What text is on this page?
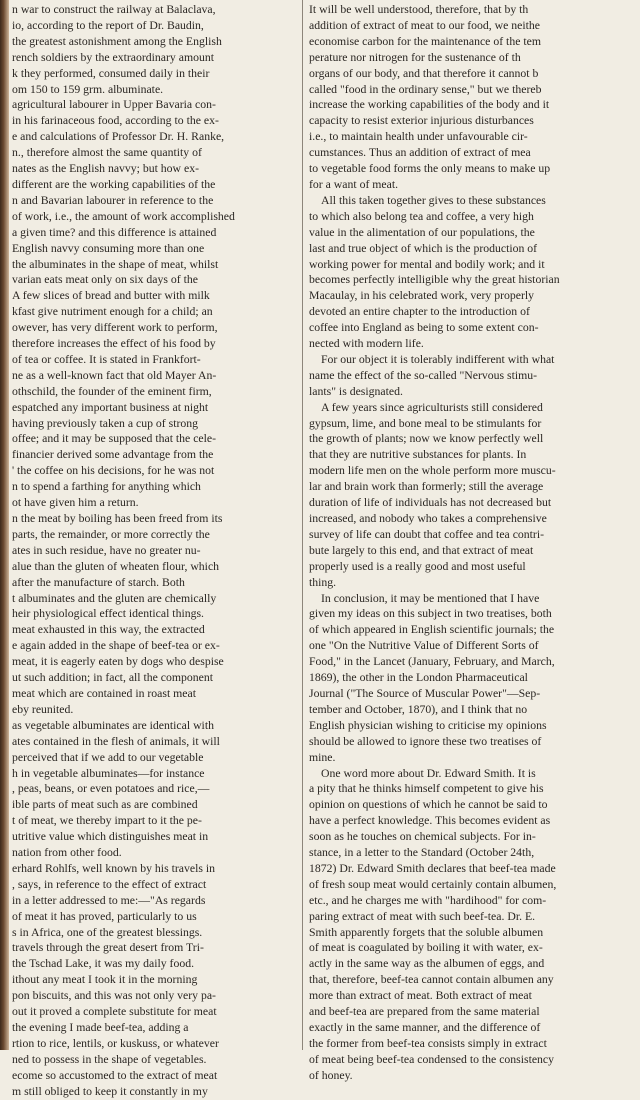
n war to construct the railway at Balaclava,
io, according to the report of Dr. Baudin,
the greatest astonishment among the English
rench soldiers by the extraordinary amount
k they performed, consumed daily in their
om 150 to 159 grm. albuminate.
agricultural labourer in Upper Bavaria con-
in his farinaceous food, according to the ex-
e and calculations of Professor Dr. H. Ranke,
n., therefore almost the same quantity of
nates as the English navvy; but how ex-
different are the working capabilities of the
n and Bavarian labourer in reference to the
of work, i.e., the amount of work accomplished
a given time? and this difference is attained
English navvy consuming more than one
the albuminates in the shape of meat, whilst
varian eats meat only on six days of the
A few slices of bread and butter with milk
kfast give nutriment enough for a child; an
owever, has very different work to perform,
therefore increases the effect of his food by
of tea or coffee. It is stated in Frankfort-
ne as a well-known fact that old Mayer An-
othschild, the founder of the eminent firm,
espatched any important business at night
having previously taken a cup of strong
offee; and it may be supposed that the cele-
financier derived some advantage from the
' the coffee on his decisions, for he was not
n to spend a farthing for anything which
ot have given him a return.
n the meat by boiling has been freed from its
parts, the remainder, or more correctly the
ates in such residue, have no greater nu-
alue than the gluten of wheaten flour, which
after the manufacture of starch. Both
t albuminates and the gluten are chemically
heir physiological effect identical things.
meat exhausted in this way, the extracted
e again added in the shape of beef-tea or ex-
meat, it is eagerly eaten by dogs who despise
ut such addition; in fact, all the component
meat which are contained in roast meat
eby reunited.
as vegetable albuminates are identical with
ates contained in the flesh of animals, it will
perceived that if we add to our vegetable
h in vegetable albuminates—for instance
, peas, beans, or even potatoes and rice,—
ible parts of meat such as are combined
t of meat, we thereby impart to it the pe-
utritive value which distinguishes meat in
nation from other food.
erhard Rohlfs, well known by his travels in
, says, in reference to the effect of extract
in a letter addressed to me:—"As regards
of meat it has proved, particularly to us
s in Africa, one of the greatest blessings.
travels through the great desert from Tri-
the Tschad Lake, it was my daily food.
ithout any meat I took it in the morning
pon biscuits, and this was not only very pa-
out it proved a complete substitute for meat
the evening I made beef-tea, adding a
rtion to rice, lentils, or kuskuss, or whatever
ned to possess in the shape of vegetables.
ecome so accustomed to the extract of meat
m still obliged to keep it constantly in my
It will be well understood, therefore, that by th
addition of extract of meat to our food, we neithe
economise carbon for the maintenance of the tem
perature nor nitrogen for the sustenance of th
organs of our body, and that therefore it cannot b
called "food in the ordinary sense," but we thereb
increase the working capabilities of the body and it
capacity to resist exterior injurious disturbances
i.e., to maintain health under unfavourable cir-
cumstances. Thus an addition of extract of mea
to vegetable food forms the only means to make up
for a want of meat.
All this taken together gives to these substances
to which also belong tea and coffee, a very high
value in the alimentation of our populations, the
last and true object of which is the production of
working power for mental and bodily work; and it
becomes perfectly intelligible why the great historian
Macaulay, in his celebrated work, very properly
devoted an entire chapter to the introduction of
coffee into England as being to some extent con-
nected with modern life.
For our object it is tolerably indifferent with what
name the effect of the so-called "Nervous stimu-
lants" is designated.
A few years since agriculturists still considered
gypsum, lime, and bone meal to be stimulants for
the growth of plants; now we know perfectly well
that they are nutritive substances for plants. In
modern life men on the whole perform more muscu-
lar and brain work than formerly; still the average
duration of life of individuals has not decreased but
increased, and nobody who takes a comprehensive
survey of life can doubt that coffee and tea contri-
bute largely to this end, and that extract of meat
properly used is a really good and most useful
thing.
In conclusion, it may be mentioned that I have
given my ideas on this subject in two treatises, both
of which appeared in English scientific journals; the
one "On the Nutritive Value of Different Sorts of
Food," in the Lancet (January, February, and March,
1869), the other in the London Pharmaceutical
Journal ("The Source of Muscular Power"—Sep-
tember and October, 1870), and I think that no
English physician wishing to criticise my opinions
should be allowed to ignore these two treatises of
mine.
One word more about Dr. Edward Smith. It is
a pity that he thinks himself competent to give his
opinion on questions of which he cannot be said to
have a perfect knowledge. This becomes evident as
soon as he touches on chemical subjects. For in-
stance, in a letter to the Standard (October 24th,
1872) Dr. Edward Smith declares that beef-tea made
of fresh soup meat would certainly contain albumen,
etc., and he charges me with "hardihood" for com-
paring extract of meat with such beef-tea. Dr. E.
Smith apparently forgets that the soluble albumen
of meat is coagulated by boiling it with water, ex-
actly in the same way as the albumen of eggs, and
that, therefore, beef-tea cannot contain albumen any
more than extract of meat. Both extract of meat
and beef-tea are prepared from the same material
exactly in the same manner, and the difference of
the former from beef-tea consists simply in extract
of meat being beef-tea condensed to the consistency
of honey.
